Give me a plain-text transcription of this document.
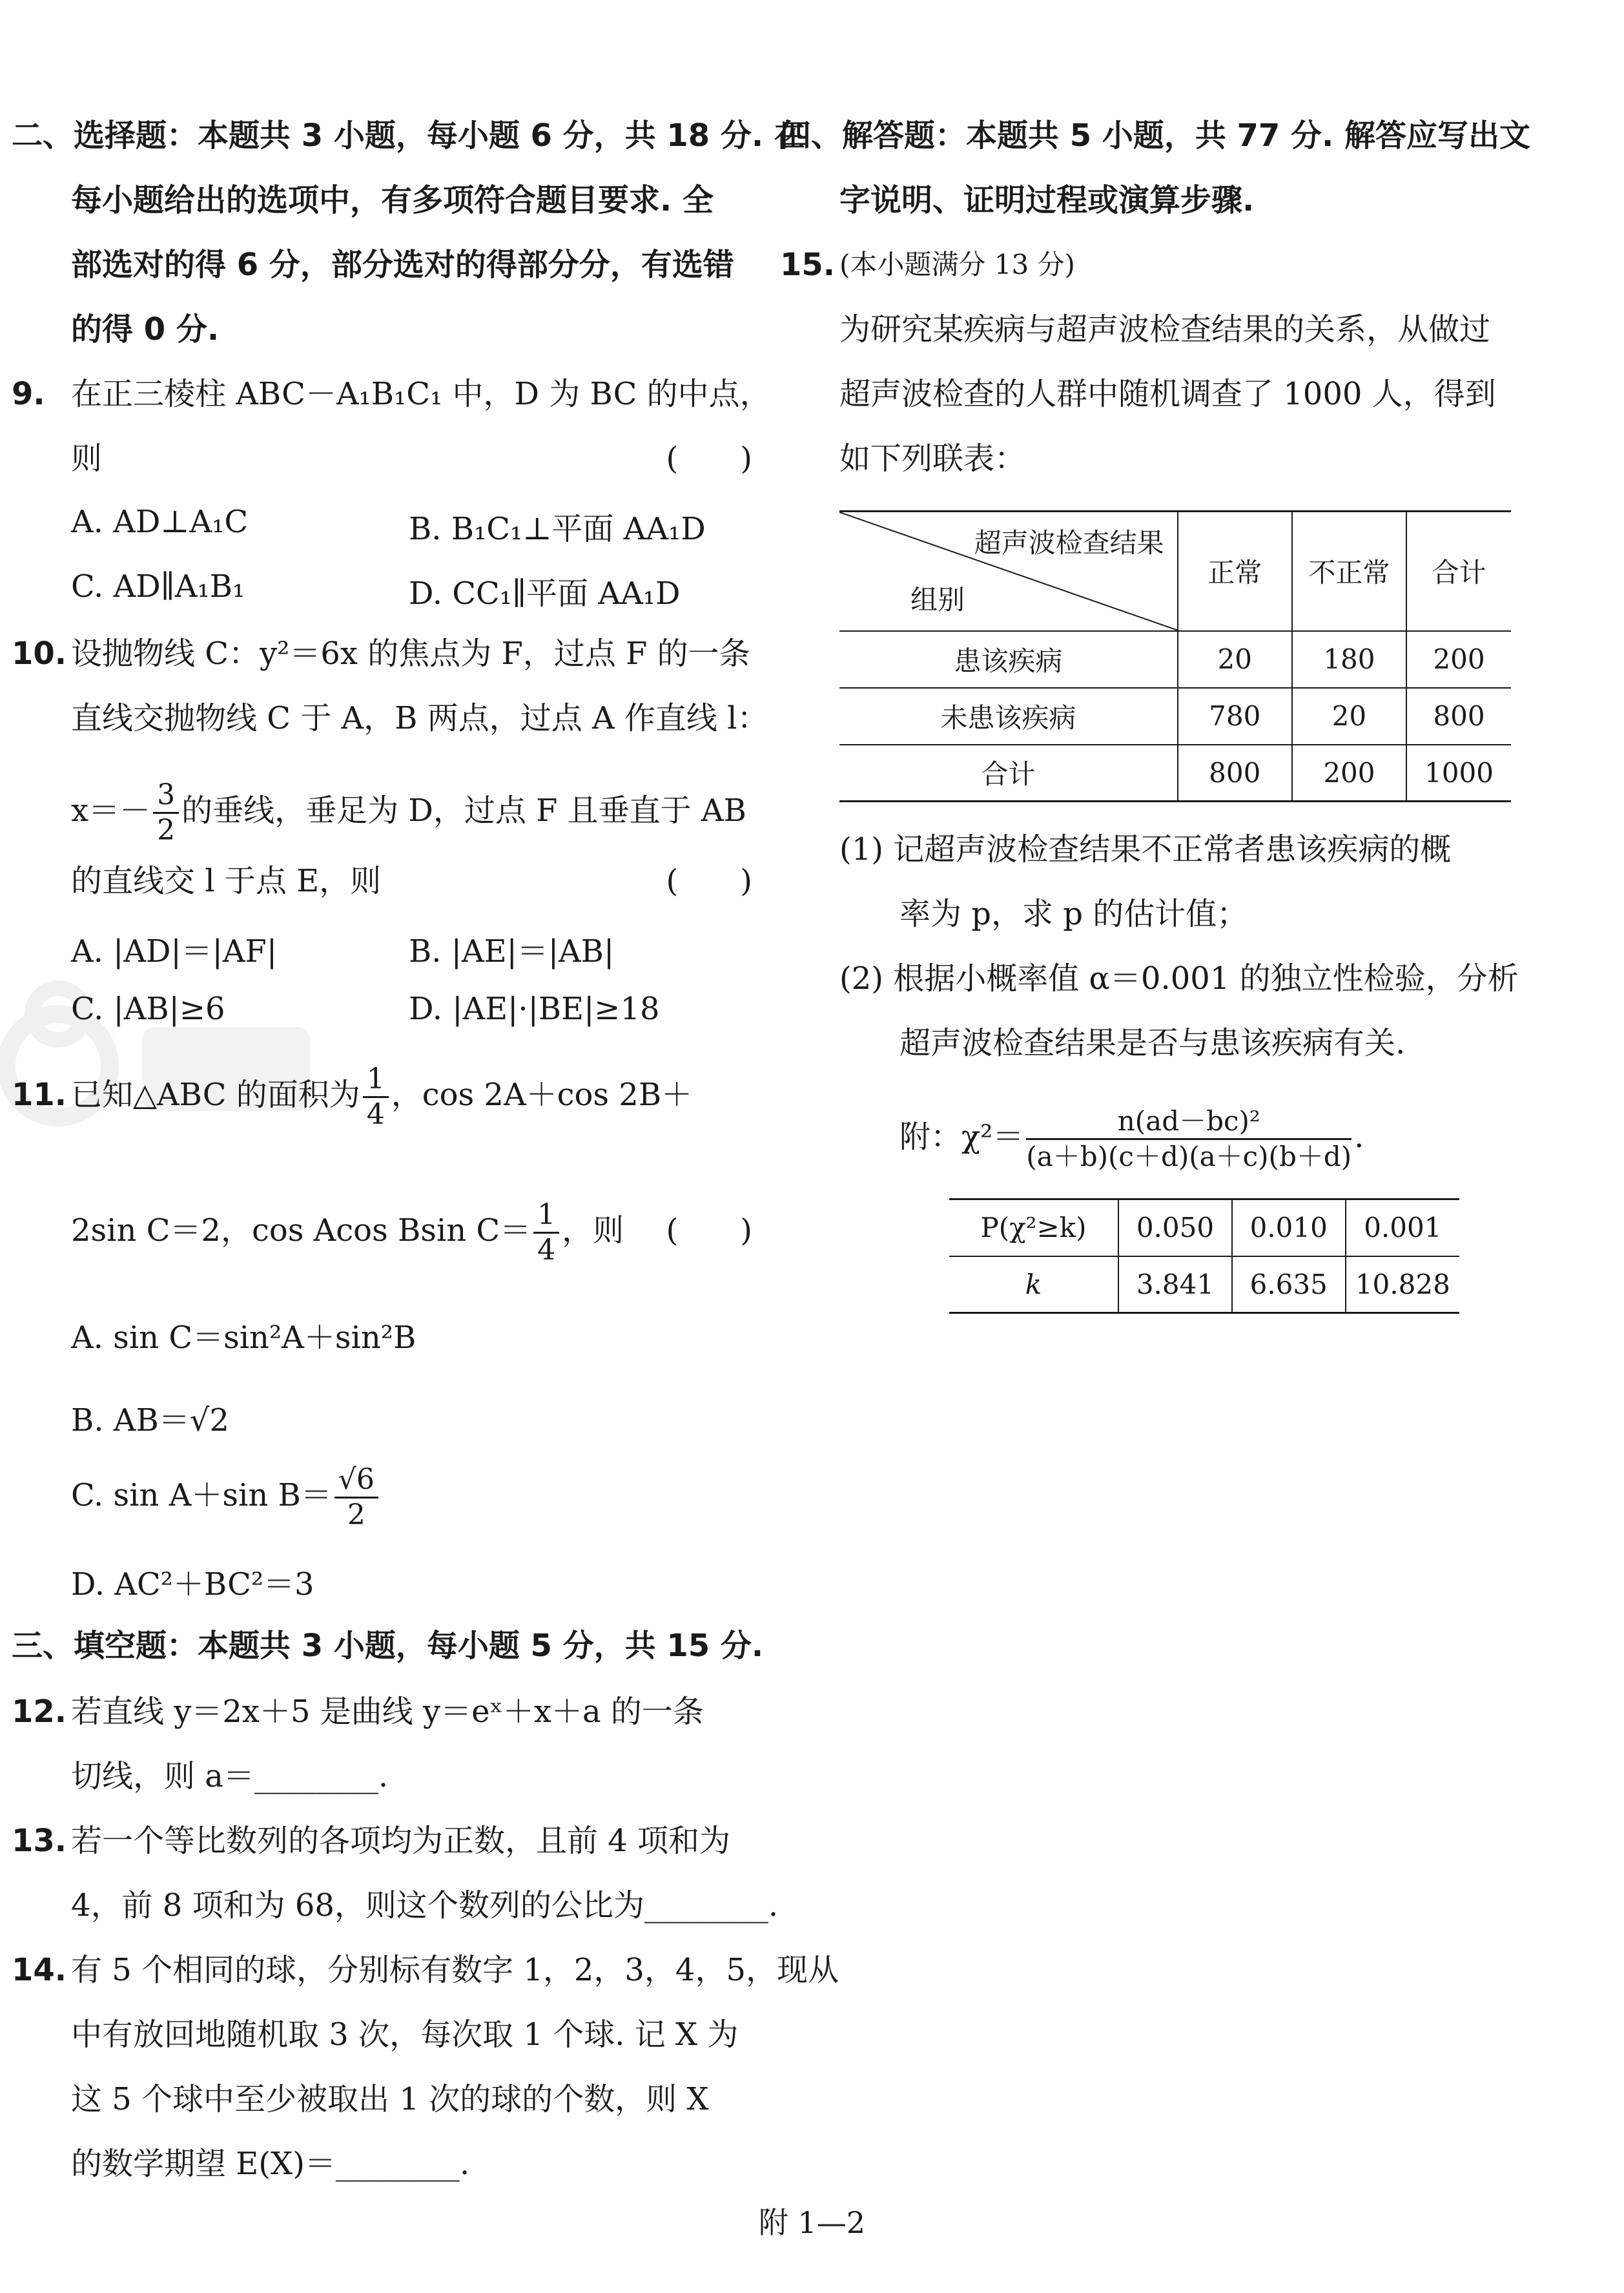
二、选择题：本题共 3 小题，每小题 6 分，共 18 分. 在
每小题给出的选项中，有多项符合题目要求. 全
部选对的得 6 分，部分选对的得部分分，有选错
的得 0 分.
9. 在正三棱柱 ABC－A₁B₁C₁ 中，D 为 BC 的中点，
则	(　　)
A. AD⊥A₁C	B. B₁C₁⊥平面 AA₁D
C. AD∥A₁B₁	D. CC₁∥平面 AA₁D
10. 设抛物线 C：y²＝6x 的焦点为 F，过点 F 的一条
直线交抛物线 C 于 A，B 两点，过点 A 作直线 l：
$x=- \frac{3}{2}$ 的垂线，垂足为 D，过点 F 且垂直于 AB
的直线交 l 于点 E，则	(　　)
A. |AD|＝|AF|	B. |AE|＝|AB|
C. |AB|≥6	D. |AE|·|BE|≥18
11. 已知△ABC 的面积为 $\frac{1}{4}$ ，cos 2A＋cos 2B＋
2sin C＝2，cos Acos Bsin $C= \frac{1}{4}$ ，则 (　　)
A. sin C＝sin²A＋sin²B
B. AB＝√2
C. sin A＋sin $B= \frac{√6}{2}$
D. AC²＋BC²＝3
三、填空题：本题共 3 小题，每小题 5 分，共 15 分.
12. 若直线 y＝2x＋5 是曲线 y＝eˣ＋x＋a 的一条
切线，则 a＝________.
13. 若一个等比数列的各项均为正数，且前 4 项和为
4，前 8 项和为 68，则这个数列的公比为________.
14. 有 5 个相同的球，分别标有数字 1，2，3，4，5，现从
中有放回地随机取 3 次，每次取 1 个球. 记 X 为
这 5 个球中至少被取出 1 次的球的个数，则 X
的数学期望 E(X)＝________.
四、解答题：本题共 5 小题，共 77 分. 解答应写出文
字说明、证明过程或演算步骤.
15. (本小题满分 13 分)
为研究某疾病与超声波检查结果的关系，从做过
超声波检查的人群中随机调查了 1000 人，得到
如下列联表：
超声波检查结果
组别	正常	不正常	合计
患该疾病	20	180	200
未患该疾病	780	20	800
合计	800	200	1000
(1) 记超声波检查结果不正常者患该疾病的概
率为 p，求 p 的估计值；
(2) 根据小概率值 α＝0.001 的独立性检验，分析
超声波检查结果是否与患该疾病有关.
附：$\chi^2= \frac{\text{n(ad－bc)²}}{(a+b)(c+d)(a+c)(b+d)}$ .
P(χ²≥k)	0.050	0.010	0.001
k	3.841	6.635	10.828
附 1—2
